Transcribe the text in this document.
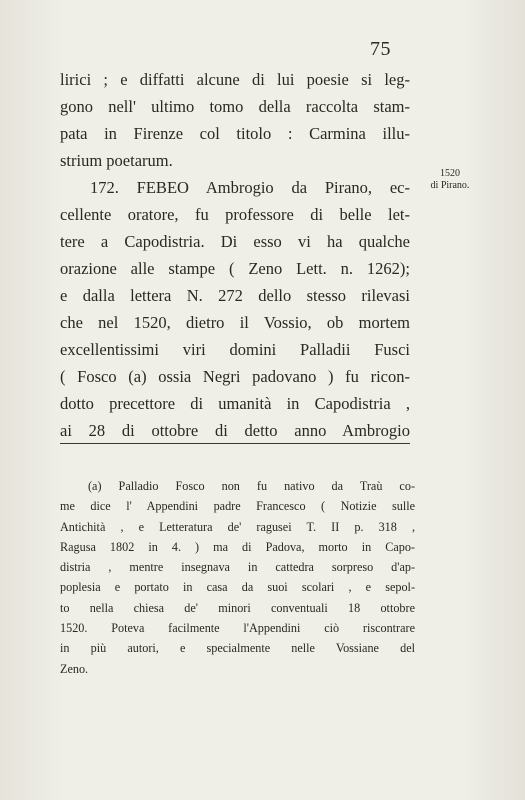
75
lirici ; e diffatti alcune di lui poesie si leg-
gono nell' ultimo tomo della raccolta stam-
pata in Firenze col titolo : Carmina illu-
strium poetarum.
172. FEBEO Ambrogio da Pirano, ec-
cellente oratore, fu professore di belle let-
tere a Capodistria. Di esso vi ha qualche
orazione alle stampe ( Zeno Lett. n. 1262);
e dalla lettera N. 272 dello stesso rilevasi
che nel 1520, dietro il Vossio, ob mortem
excellentissimi viri domini Palladii Fusci
( Fosco (a) ossia Negri padovano ) fu ricon-
dotto precettore di umanità in Capodistria ,
ai 28 di ottobre di detto anno Ambrogio
1520
di Pirano.
(a) Palladio Fosco non fu nativo da Traù co-
me dice l' Appendini padre Francesco ( Notizie sulle
Antichità , e Letteratura de' ragusei T. II p. 318 ,
Ragusa 1802 in 4. ) ma di Padova, morto in Capo-
distria , mentre insegnava in cattedra sorpreso d'ap-
poplesia e portato in casa da suoi scolari , e sepol-
to nella chiesa de' minori conventuali 18 ottobre
1520. Poteva facilmente l'Appendini ciò riscontrare
in più autori, e specialmente nelle Vossiane del
Zeno.
